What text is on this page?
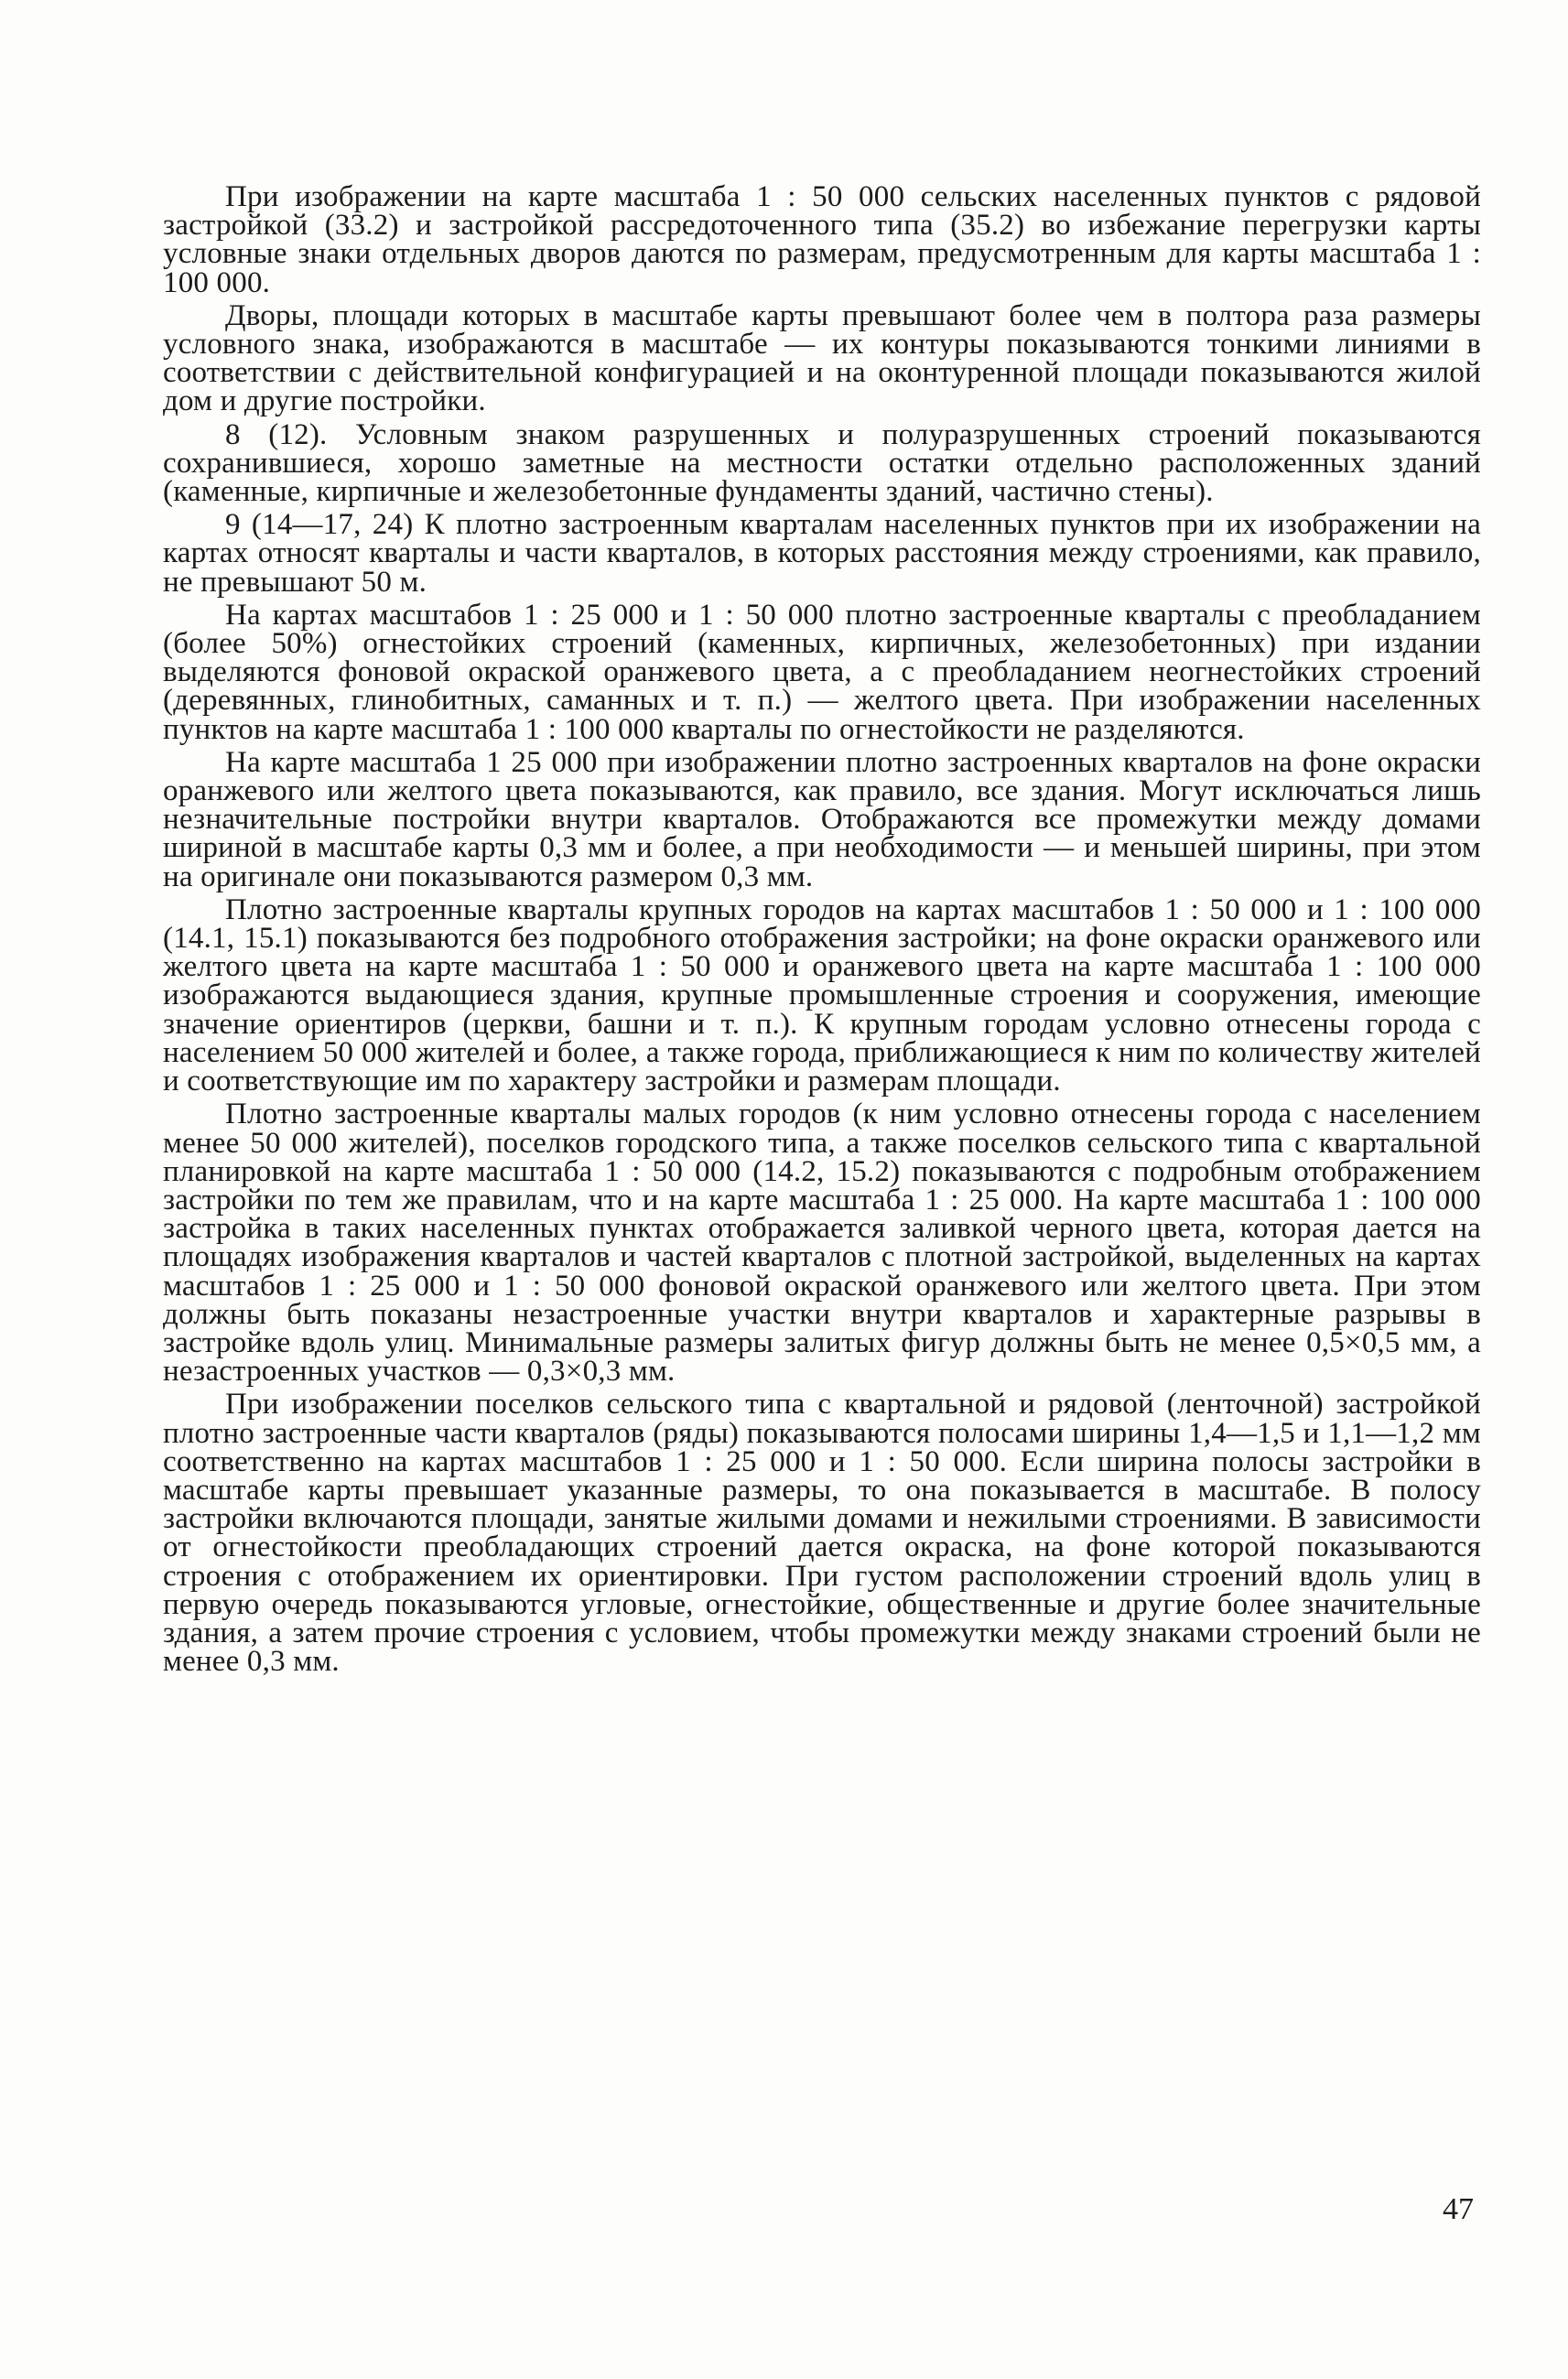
При изображении на карте масштаба 1 : 50 000 сельских населенных пунктов с рядовой застройкой (33.2) и застройкой рассредоточенного типа (35.2) во избежание перегрузки карты условные знаки отдельных дворов даются по размерам, предусмотренным для карты масштаба 1 : 100 000.

Дворы, площади которых в масштабе карты превышают более чем в полтора раза размеры условного знака, изображаются в масштабе — их контуры показываются тонкими линиями в соответствии с действительной конфигурацией и на оконтуренной площади показываются жилой дом и другие постройки.

8 (12). Условным знаком разрушенных и полуразрушенных строений показываются сохранившиеся, хорошо заметные на местности остатки отдельно расположенных зданий (каменные, кирпичные и железобетонные фундаменты зданий, частично стены).

9 (14—17, 24) К плотно застроенным кварталам населенных пунктов при их изображении на картах относят кварталы и части кварталов, в которых расстояния между строениями, как правило, не превышают 50 м.

На картах масштабов 1 : 25 000 и 1 : 50 000 плотно застроенные кварталы с преобладанием (более 50%) огнестойких строений (каменных, кирпичных, железобетонных) при издании выделяются фоновой окраской оранжевого цвета, а с преобладанием неогнестойких строений (деревянных, глинобитных, саманных и т. п.) — желтого цвета. При изображении населенных пунктов на карте масштаба 1 : 100 000 кварталы по огнестойкости не разделяются.

На карте масштаба 1 25 000 при изображении плотно застроенных кварталов на фоне окраски оранжевого или желтого цвета показываются, как правило, все здания. Могут исключаться лишь незначительные постройки внутри кварталов. Отображаются все промежутки между домами шириной в масштабе карты 0,3 мм и более, а при необходимости — и меньшей ширины, при этом на оригинале они показываются размером 0,3 мм.

Плотно застроенные кварталы крупных городов на картах масштабов 1 : 50 000 и 1 : 100 000 (14.1, 15.1) показываются без подробного отображения застройки; на фоне окраски оранжевого или желтого цвета на карте масштаба 1 : 50 000 и оранжевого цвета на карте масштаба 1 : 100 000 изображаются выдающиеся здания, крупные промышленные строения и сооружения, имеющие значение ориентиров (церкви, башни и т. п.). К крупным городам условно отнесены города с населением 50 000 жителей и более, а также города, приближающиеся к ним по количеству жителей и соответствующие им по характеру застройки и размерам площади.

Плотно застроенные кварталы малых городов (к ним условно отнесены города с населением менее 50 000 жителей), поселков городского типа, а также поселков сельского типа с квартальной планировкой на карте масштаба 1 : 50 000 (14.2, 15.2) показываются с подробным отображением застройки по тем же правилам, что и на карте масштаба 1 : 25 000. На карте масштаба 1 : 100 000 застройка в таких населенных пунктах отображается заливкой черного цвета, которая дается на площадях изображения кварталов и частей кварталов с плотной застройкой, выделенных на картах масштабов 1 : 25 000 и 1 : 50 000 фоновой окраской оранжевого или желтого цвета. При этом должны быть показаны незастроенные участки внутри кварталов и характерные разрывы в застройке вдоль улиц. Минимальные размеры залитых фигур должны быть не менее 0,5×0,5 мм, а незастроенных участков — 0,3×0,3 мм.

При изображении поселков сельского типа с квартальной и рядовой (ленточной) застройкой плотно застроенные части кварталов (ряды) показываются полосами ширины 1,4—1,5 и 1,1—1,2 мм соответственно на картах масштабов 1 : 25 000 и 1 : 50 000. Если ширина полосы застройки в масштабе карты превышает указанные размеры, то она показывается в масштабе. В полосу застройки включаются площади, занятые жилыми домами и нежилыми строениями. В зависимости от огнестойкости преобладающих строений дается окраска, на фоне которой показываются строения с отображением их ориентировки. При густом расположении строений вдоль улиц в первую очередь показываются угловые, огнестойкие, общественные и другие более значительные здания, а затем прочие строения с условием, чтобы промежутки между знаками строений были не менее 0,3 мм.

47
